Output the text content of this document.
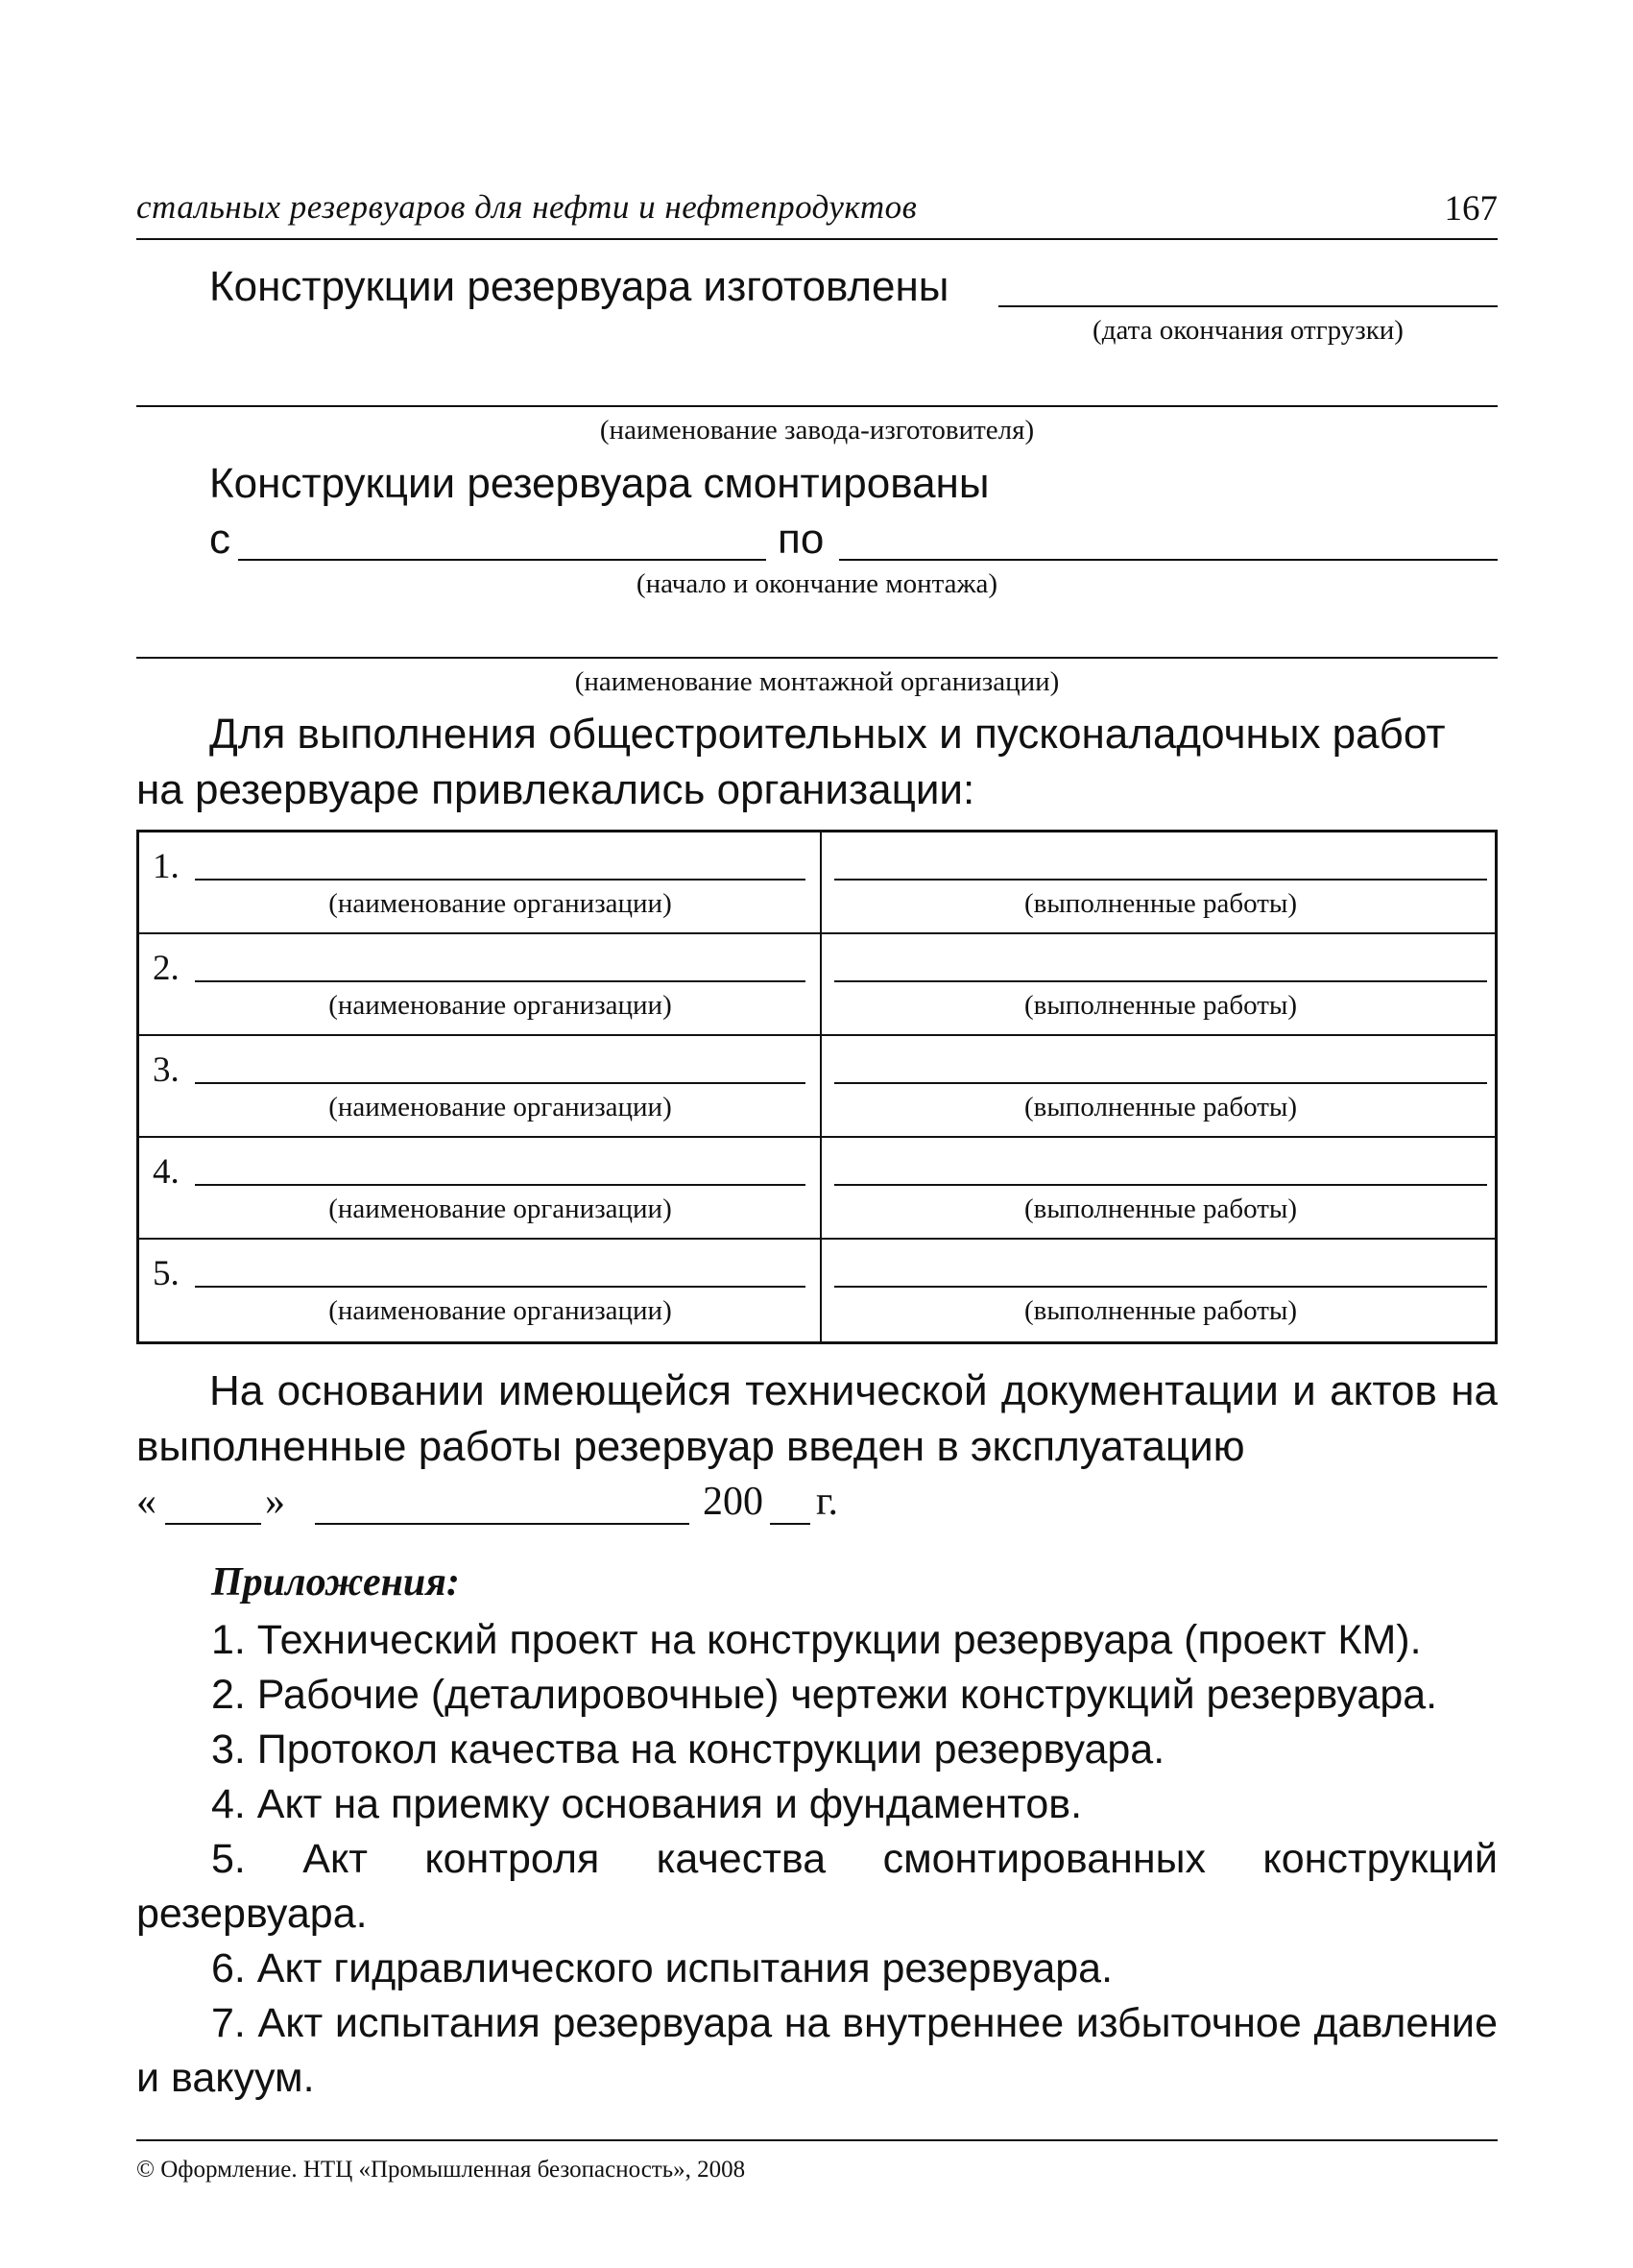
стальных резервуаров для нефти и нефтепродуктов	167
Конструкции резервуара изготовлены
(дата окончания отгрузки)
(наименование завода-изготовителя)
Конструкции резервуара смонтированы
с	по
(начало и окончание монтажа)
(наименование монтажной организации)
Для выполнения общестроительных и пусконаладочных работ
на резервуаре привлекались организации:
1.
(наименование организации)	(выполненные работы)
2.
(наименование организации)	(выполненные работы)
3.
(наименование организации)	(выполненные работы)
4.
(наименование организации)	(выполненные работы)
5.
(наименование организации)	(выполненные работы)
На основании имеющейся технической документации и актов на выполненные работы резервуар введен в эксплуатацию
«	»	200 г.
Приложения:
1. Технический проект на конструкции резервуара (проект КМ).
2. Рабочие (деталировочные) чертежи конструкций резервуара.
3. Протокол качества на конструкции резервуара.
4. Акт на приемку основания и фундаментов.
5. Акт контроля качества смонтированных конструкций резервуара.
6. Акт гидравлического испытания резервуара.
7. Акт испытания резервуара на внутреннее избыточное давление и вакуум.
© Оформление. НТЦ «Промышленная безопасность», 2008
